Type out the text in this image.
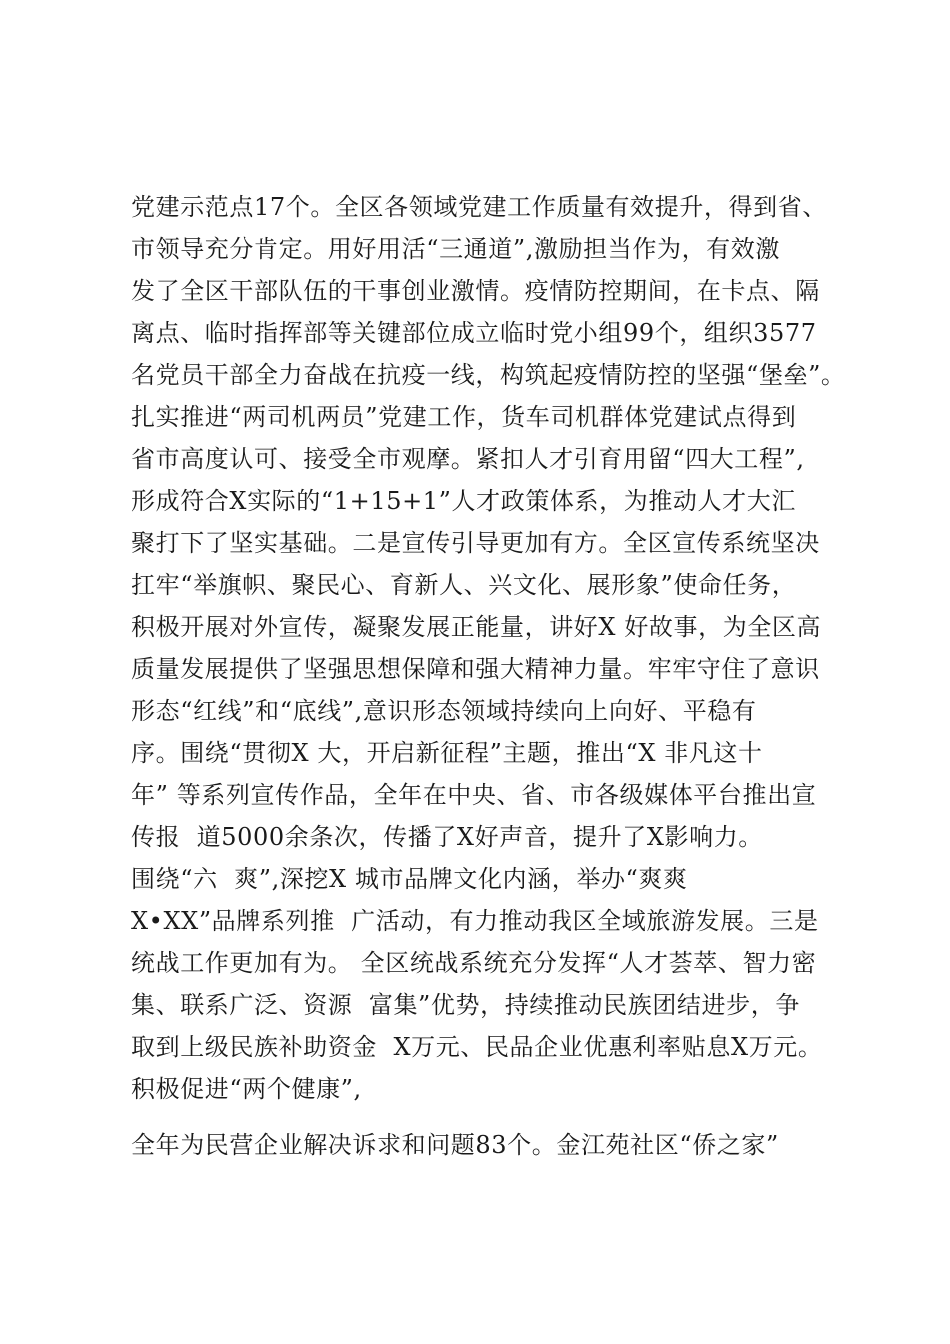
党建示范点17个。全区各领域党建工作质量有效提升，得到省、
市领导充分肯定。用好用活“三通道”,激励担当作为，有效激
发了全区干部队伍的干事创业激情。疫情防控期间，在卡点、隔
离点、临时指挥部等关键部位成立临时党小组99个，组织3577
名党员干部全力奋战在抗疫一线，构筑起疫情防控的坚强“堡垒”。
扎实推进“两司机两员”党建工作，货车司机群体党建试点得到
省市高度认可、接受全市观摩。紧扣人才引育用留“四大工程”,
形成符合X实际的“1+15+1”人才政策体系，为推动人才大汇
聚打下了坚实基础。二是宣传引导更加有方。全区宣传系统坚决
扛牢“举旗帜、聚民心、育新人、兴文化、展形象”使命任务，
积极开展对外宣传，凝聚发展正能量，讲好X 好故事，为全区高
质量发展提供了坚强思想保障和强大精神力量。牢牢守住了意识
形态“红线”和“底线”,意识形态领域持续向上向好、平稳有
序。围绕“贯彻X 大，开启新征程”主题，推出“X 非凡这十
年” 等系列宣传作品，全年在中央、省、市各级媒体平台推出宣
传报  道5000余条次，传播了X好声音，提升了X影响力。
围绕“六  爽”,深挖X 城市品牌文化内涵，举办“爽爽
X•XX”品牌系列推  广活动，有力推动我区全域旅游发展。三是
统战工作更加有为。 全区统战系统充分发挥“人才荟萃、智力密
集、联系广泛、资源  富集”优势，持续推动民族团结进步，争
取到上级民族补助资金  X万元、民品企业优惠利率贴息X万元。
积极促进“两个健康”,
全年为民营企业解决诉求和问题83个。金江苑社区“侨之家”
